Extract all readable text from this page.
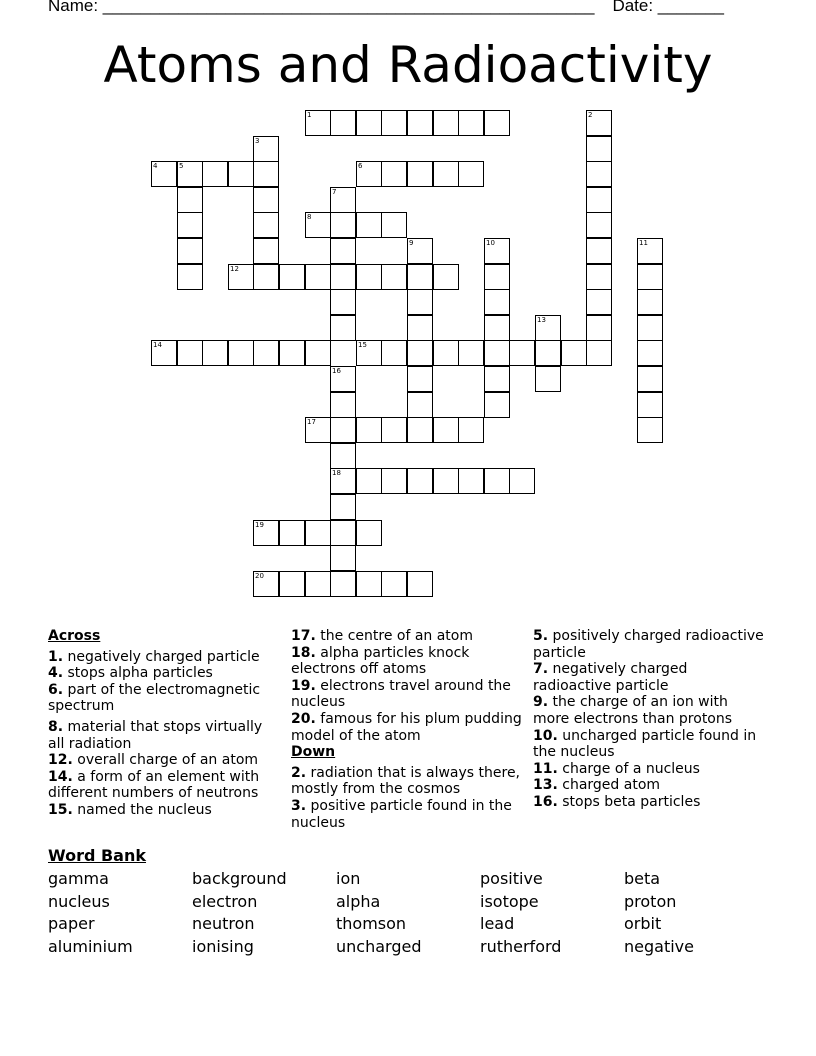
Name: ____________________________________________________ Date: _______
Atoms and Radioactivity
1	2
3
4	5	6
7
8
9	10	11
12
13
14	15
16
18
17
19
20
Across
1. negatively charged particle
4. stops alpha particles
6. part of the electromagnetic spectrum
8. material that stops virtually all radiation
12. overall charge of an atom
14. a form of an element with different numbers of neutrons
15. named the nucleus
17. the centre of an atom
18. alpha particles knock electrons off atoms
19. electrons travel around the nucleus
20. famous for his plum pudding model of the atom
Down
2. radiation that is always there, mostly from the cosmos
3. positive particle found in the nucleus
5. positively charged radioactive particle
7. negatively charged radioactive particle
9. the charge of an ion with more electrons than protons
10. uncharged particle found in the nucleus
11. charge of a nucleus
13. charged atom
16. stops beta particles
Word Bank
gamma	background	ion	positive	beta
nucleus	electron	alpha	isotope	proton
paper	neutron	thomson	lead	orbit
aluminium	ionising	uncharged	rutherford	negative
